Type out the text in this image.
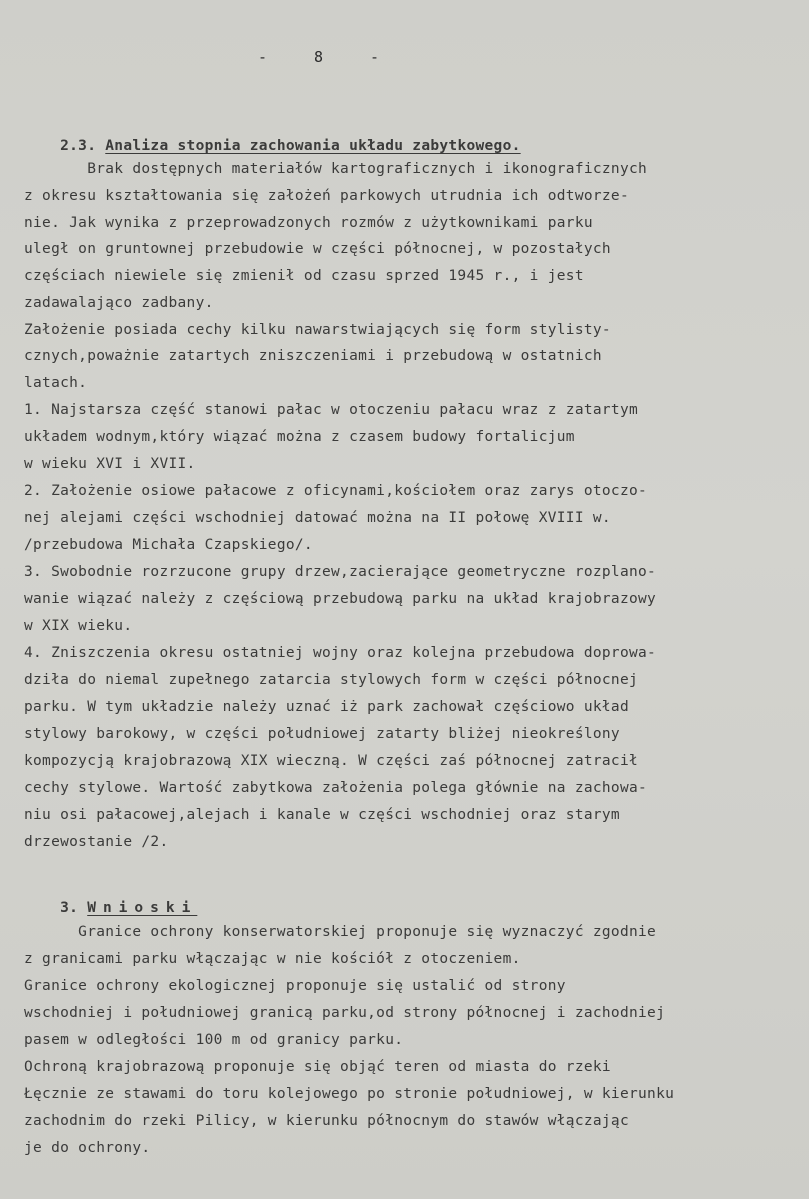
-     8     -

2.3. Analiza stopnia zachowania układu zabytkowego.

Brak dostępnych materiałów kartograficznych i ikonograficznych
z okresu kształtowania się założeń parkowych utrudnia ich odtworze-
nie. Jak wynika z przeprowadzonych rozmów z użytkownikami parku
uległ on gruntownej przebudowie w części północnej, w pozostałych
częściach niewiele się zmienił od czasu sprzed 1945 r., i jest
zadawalająco zadbany.
Założenie posiada cechy kilku nawarstwiających się form stylisty-
cznych,poważnie zatartych zniszczeniami i przebudową w ostatnich
latach.
1. Najstarsza część stanowi pałac w otoczeniu pałacu wraz z zatartym
układem wodnym,który wiązać można z czasem budowy fortalicjum
w wieku XVI i XVII.
2. Założenie osiowe pałacowe z oficynami,kościołem oraz zarys otoczo-
nej alejami części wschodniej datować można na II połowę XVIII w.
/przebudowa Michała Czapskiego/.
3. Swobodnie rozrzucone grupy drzew,zacierające geometryczne rozplano-
wanie wiązać należy z częściową przebudową parku na układ krajobrazowy
w XIX wieku.
4. Zniszczenia okresu ostatniej wojny oraz kolejna przebudowa doprowa-
dziła do niemal zupełnego zatarcia stylowych form w części północnej
parku. W tym układzie należy uznać iż park zachował częściowo układ
stylowy barokowy, w części południowej zatarty bliżej nieokreślony
kompozycją krajobrazową XIX wieczną. W części zaś północnej zatracił
cechy stylowe. Wartość zabytkowa założenia polega głównie na zachowa-
niu osi pałacowej,alejach i kanale w części wschodniej oraz starym
drzewostanie /2.

3. Wnioski

Granice ochrony konserwatorskiej proponuje się wyznaczyć zgodnie
z granicami parku włączając w nie kościół z otoczeniem.
Granice ochrony ekologicznej proponuje się ustalić od strony
wschodniej i południowej granicą parku,od strony północnej i zachodniej
pasem w odległości 100 m od granicy parku.
Ochroną krajobrazową proponuje się objąć teren od miasta do rzeki
Łęcznie ze stawami do toru kolejowego po stronie południowej, w kierunku
zachodnim do rzeki Pilicy, w kierunku północnym do stawów włączając
je do ochrony.
